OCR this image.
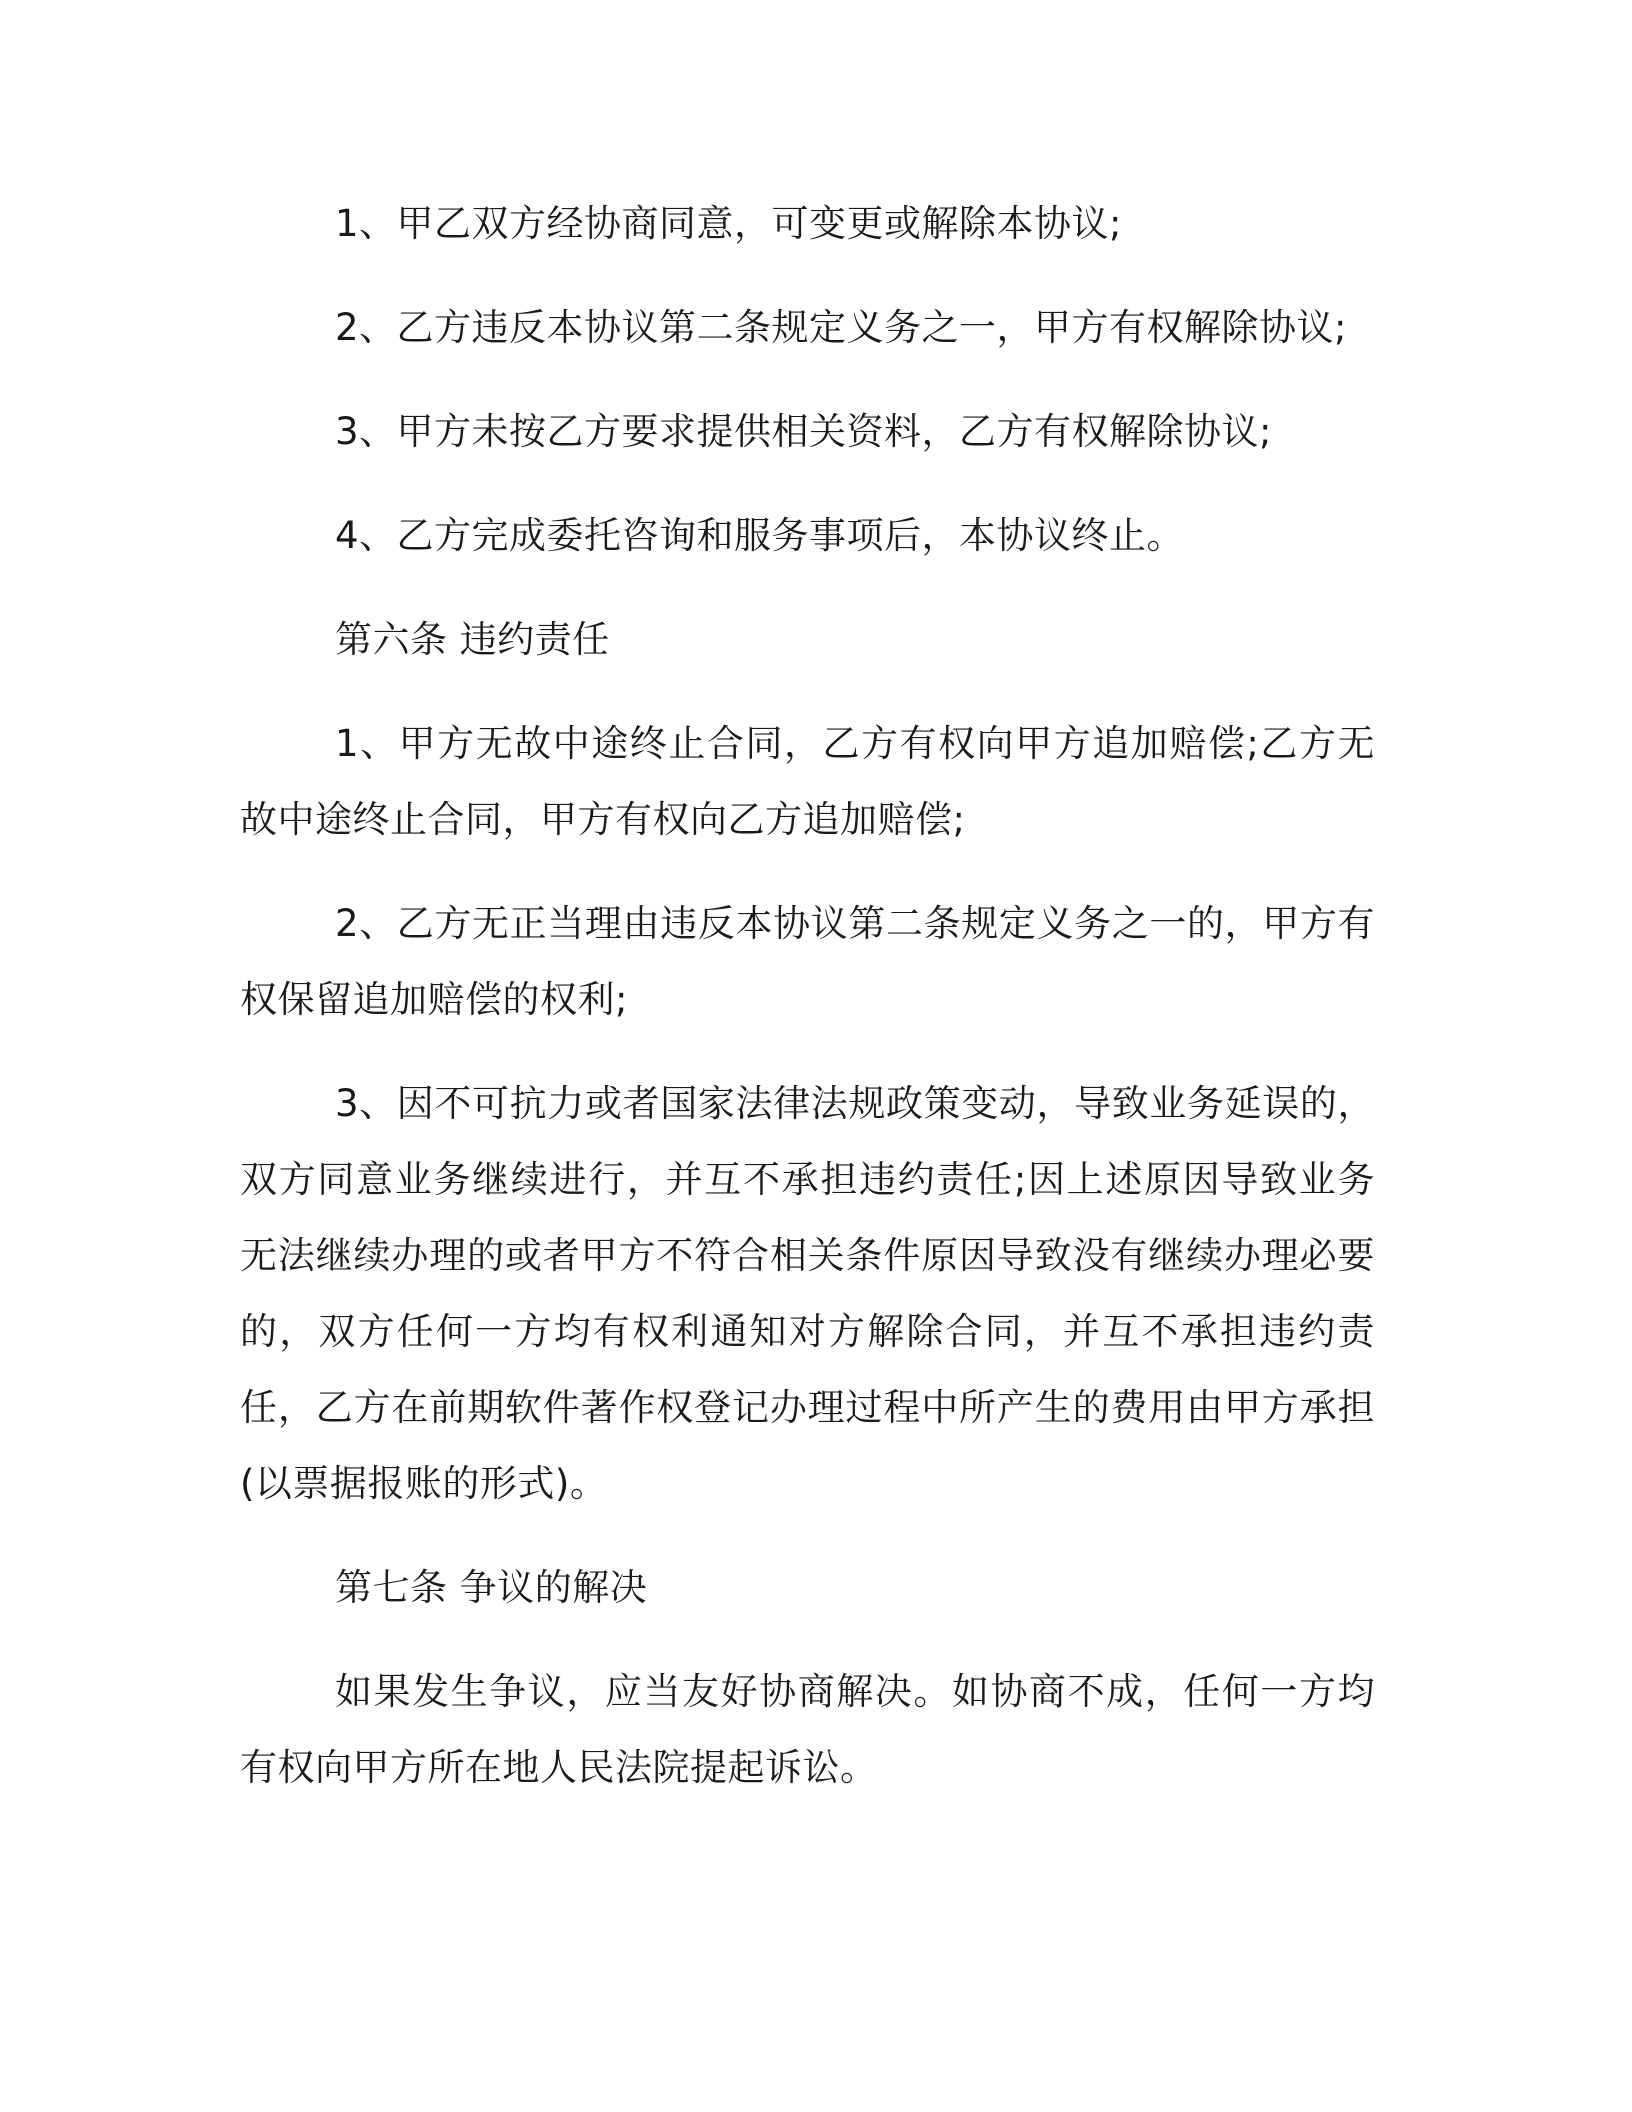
1、甲乙双方经协商同意，可变更或解除本协议;

2、乙方违反本协议第二条规定义务之一，甲方有权解除协议;

3、甲方未按乙方要求提供相关资料，乙方有权解除协议;

4、乙方完成委托咨询和服务事项后，本协议终止。

第六条 违约责任

1、甲方无故中途终止合同，乙方有权向甲方追加赔偿;乙方无故中途终止合同，甲方有权向乙方追加赔偿;

2、乙方无正当理由违反本协议第二条规定义务之一的，甲方有权保留追加赔偿的权利;

3、因不可抗力或者国家法律法规政策变动，导致业务延误的，双方同意业务继续进行，并互不承担违约责任;因上述原因导致业务无法继续办理的或者甲方不符合相关条件原因导致没有继续办理必要的，双方任何一方均有权利通知对方解除合同，并互不承担违约责任，乙方在前期软件著作权登记办理过程中所产生的费用由甲方承担(以票据报账的形式)。

第七条 争议的解决

如果发生争议，应当友好协商解决。如协商不成，任何一方均有权向甲方所在地人民法院提起诉讼。
